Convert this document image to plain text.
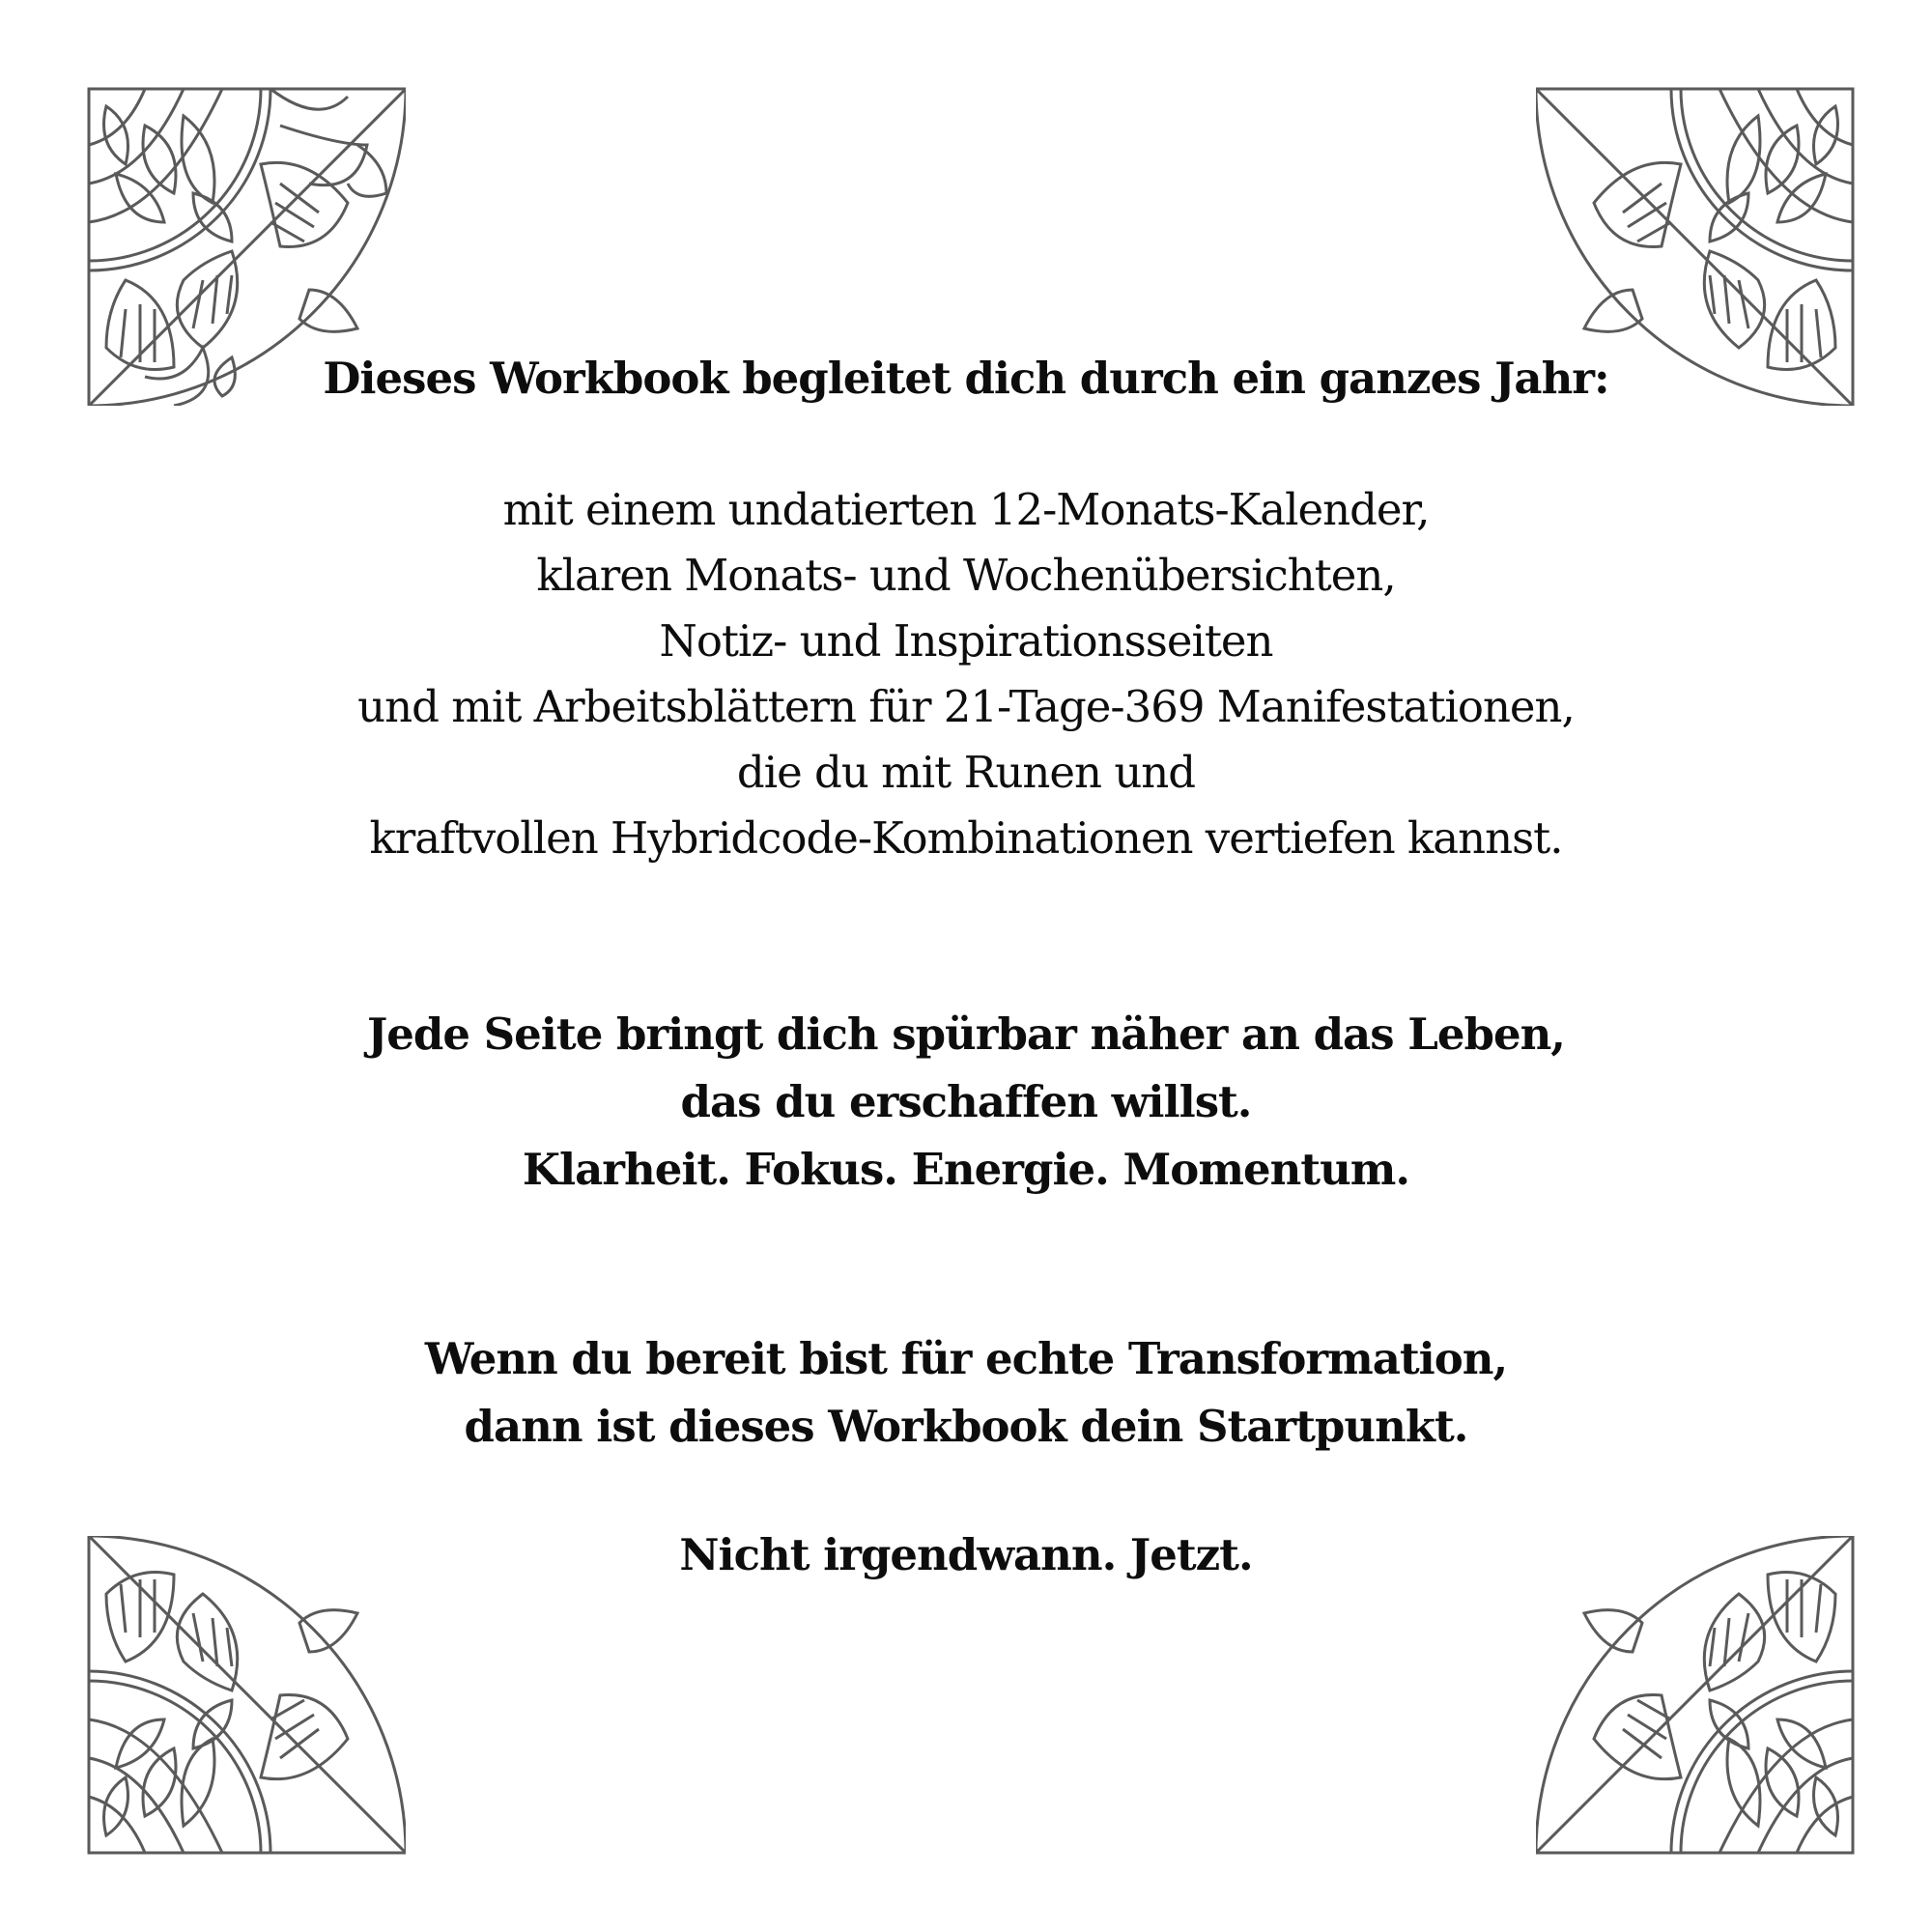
Dieses Workbook begleitet dich durch ein ganzes Jahr:
mit einem undatierten 12-Monats-Kalender,
klaren Monats- und Wochenübersichten,
Notiz- und Inspirationsseiten
und mit Arbeitsblättern für 21-Tage-369 Manifestationen,
die du mit Runen und
kraftvollen Hybridcode-Kombinationen vertiefen kannst.
Jede Seite bringt dich spürbar näher an das Leben,
das du erschaffen willst.
Klarheit. Fokus. Energie. Momentum.
Wenn du bereit bist für echte Transformation,
dann ist dieses Workbook dein Startpunkt.
Nicht irgendwann. Jetzt.
